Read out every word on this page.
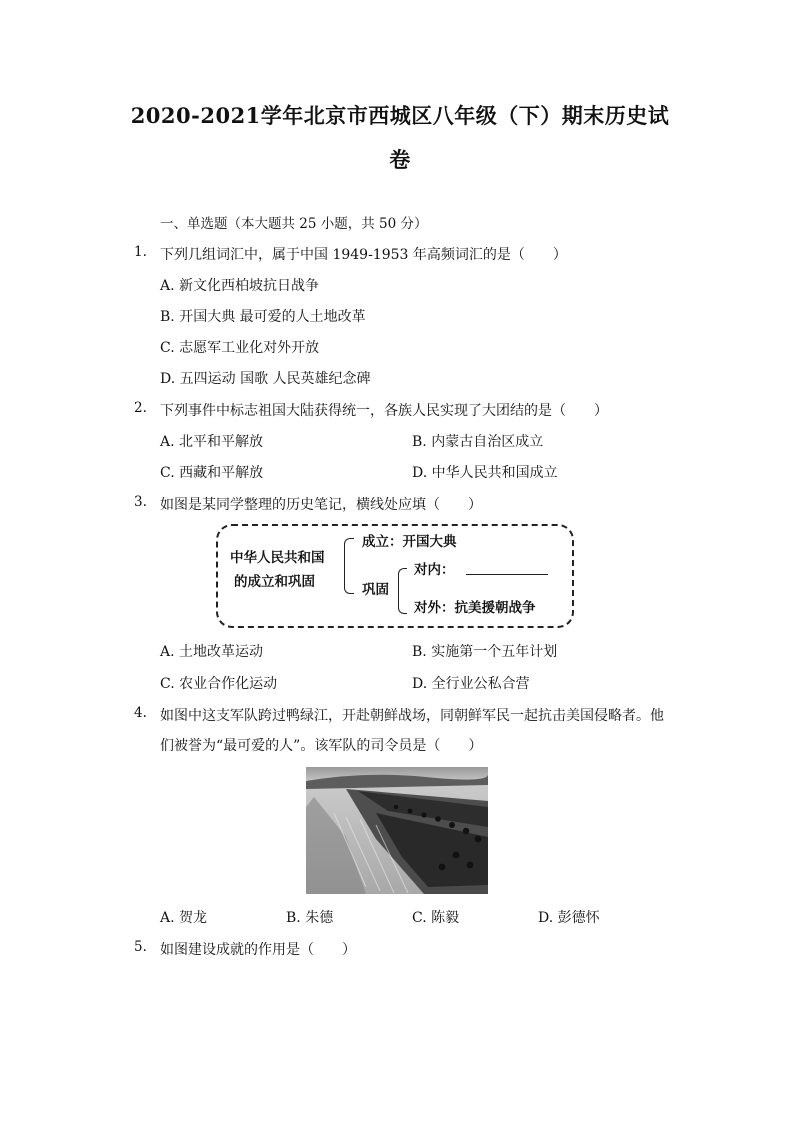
2020-2021学年北京市西城区八年级（下）期末历史试
卷
一、单选题（本大题共 25 小题，共 50 分）
1. 下列几组词汇中，属于中国 1949-1953 年高频词汇的是（　　）
A. 新文化西柏坡抗日战争
B. 开国大典 最可爱的人土地改革
C. 志愿军工业化对外开放
D. 五四运动 国歌 人民英雄纪念碑
2. 下列事件中标志祖国大陆获得统一，各族人民实现了大团结的是（　　）
A. 北平和平解放	B. 内蒙古自治区成立
C. 西藏和平解放	D. 中华人民共和国成立
3. 如图是某同学整理的历史笔记，横线处应填（　　）
中华人民共和国
的成立和巩固
成立：开国大典
巩固
对内：
对外：抗美援朝战争
A. 土地改革运动	B. 实施第一个五年计划
C. 农业合作化运动	D. 全行业公私合营
4. 如图中这支军队跨过鸭绿江，开赴朝鲜战场，同朝鲜军民一起抗击美国侵略者。他
们被誉为“最可爱的人”。该军队的司令员是（　　）
A. 贺龙	B. 朱德	C. 陈毅	D. 彭德怀
5. 如图建设成就的作用是（　　）
